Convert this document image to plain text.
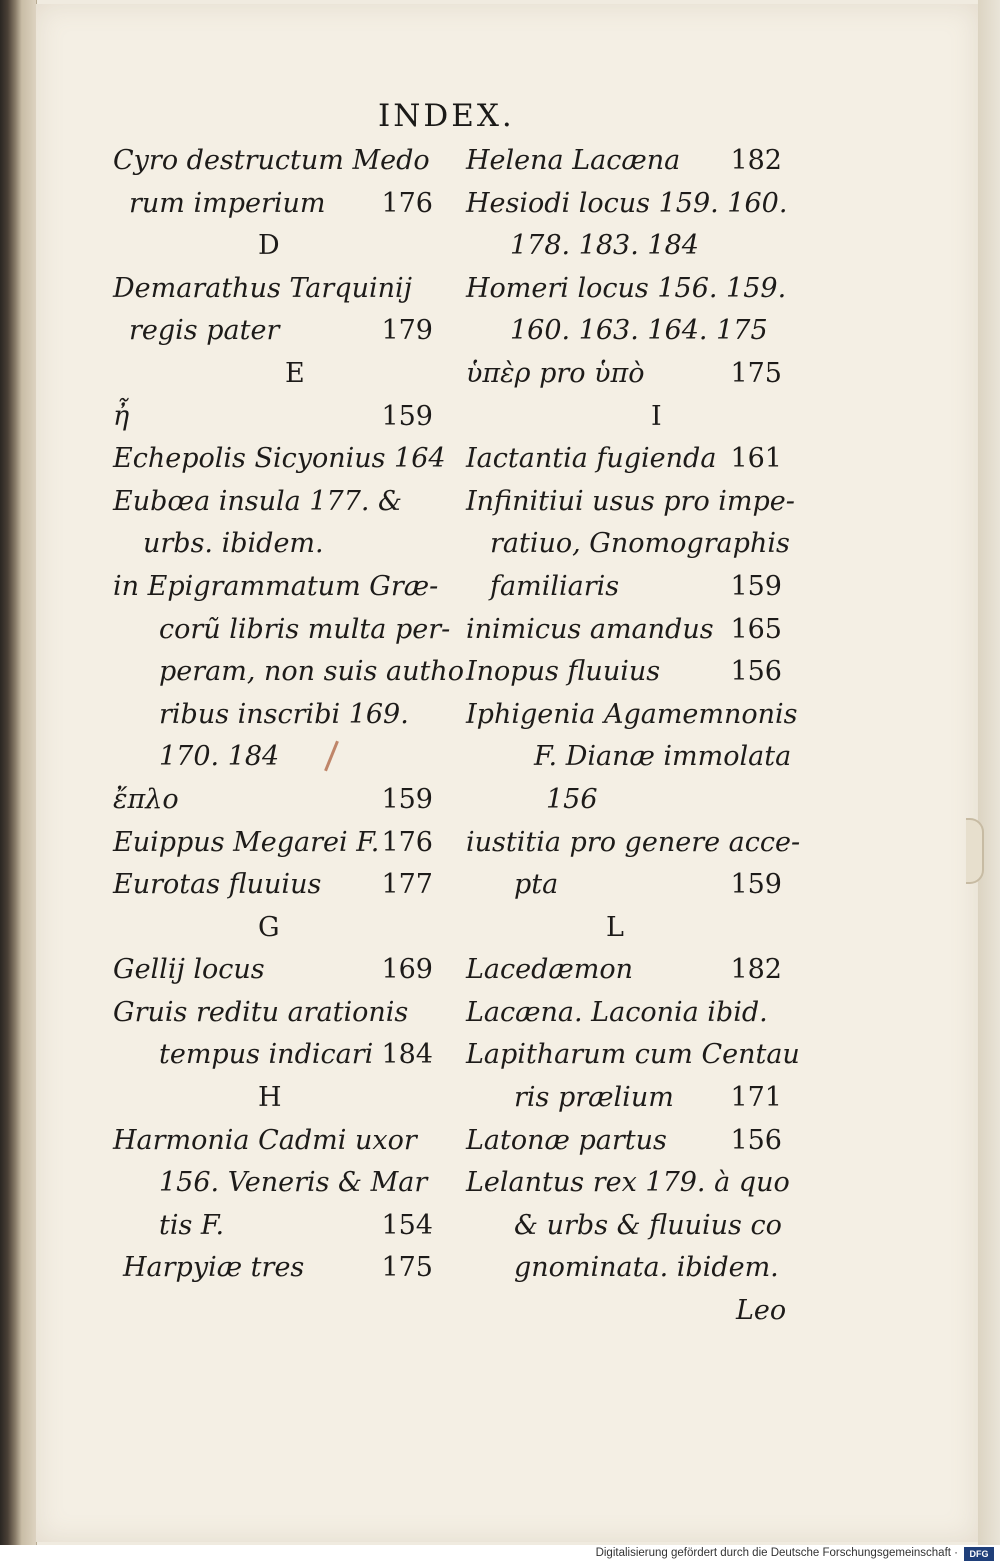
INDEX.
Cyro destructum Medo
rum imperium 176
D
Demarathus Tarquinij
regis pater	179
E
ἦ	159
Echepolis Sicyonius 164
Eubœa insula 177. &
urbs. ibidem.
in Epigrammatum Græ-
corũ libris multa per-
peram, non suis autho
ribus inscribi 169.
170. 184
ἔπλο	159
Euippus Megarei F. 176
Eurotas fluuius 177
G
Gellij locus	169
Gruis reditu arationis
tempus indicari 184
H
Harmonia Cadmi uxor
156. Veneris & Mar
tis F.	154
Harpyiæ tres	175
Helena Lacæna 182
Hesiodi locus 159. 160.
178. 183. 184
Homeri locus 156. 159.
160. 163. 164. 175
ὑπὲρ pro ὑπὸ	175
I
Iactantia fugienda 161
Infinitiui usus pro impe-
ratiuo, Gnomographis
familiaris	159
inimicus amandus 165
Inopus fluuius	156
Iphigenia Agamemnonis
F. Dianæ immolata
156
iustitia pro genere acce-
pta	159
L
Lacedæmon	182
Lacæna. Laconia ibid.
Lapitharum cum Centau
ris prælium 171
Latonæ partus 156
Lelantus rex 179. à quo
& urbs & fluuius co
gnominata. ibidem.
Leo
Digitalisierung gefördert durch die Deutsche Forschungsgemeinschaft ·	DFG
